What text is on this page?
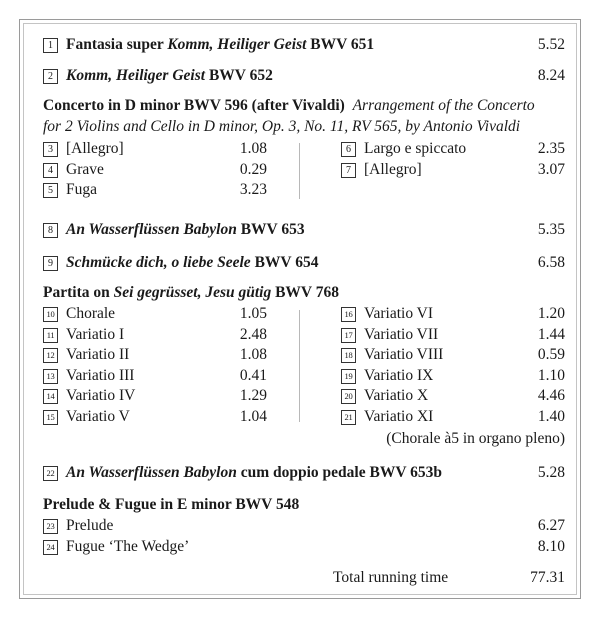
1 Fantasia super Komm, Heiliger Geist BWV 651	5.52
2 Komm, Heiliger Geist BWV 652	8.24
Concerto in D minor BWV 596 (after Vivaldi) Arrangement of the Concerto
for 2 Violins and Cello in D minor, Op. 3, No. 11, RV 565, by Antonio Vivaldi
3 [Allegro]	1.08
4 Grave	0.29
5 Fuga	3.23
6 Largo e spiccato	2.35
7 [Allegro]	3.07
8 An Wasserflüssen Babylon BWV 653	5.35
9 Schmücke dich, o liebe Seele BWV 654	6.58
Partita on Sei gegrüsset, Jesu gütig BWV 768
10 Chorale	1.05
11 Variatio I	2.48
12 Variatio II	1.08
13 Variatio III	0.41
14 Variatio IV	1.29
15 Variatio V	1.04
16 Variatio VI	1.20
17 Variatio VII	1.44
18 Variatio VIII	0.59
19 Variatio IX	1.10
20 Variatio X	4.46
21 Variatio XI	1.40
(Chorale à5 in organo pleno)
22 An Wasserflüssen Babylon cum doppio pedale BWV 653b	5.28
Prelude & Fugue in E minor BWV 548
23 Prelude	6.27
24 Fugue ‘The Wedge’	8.10
Total running time	77.31
